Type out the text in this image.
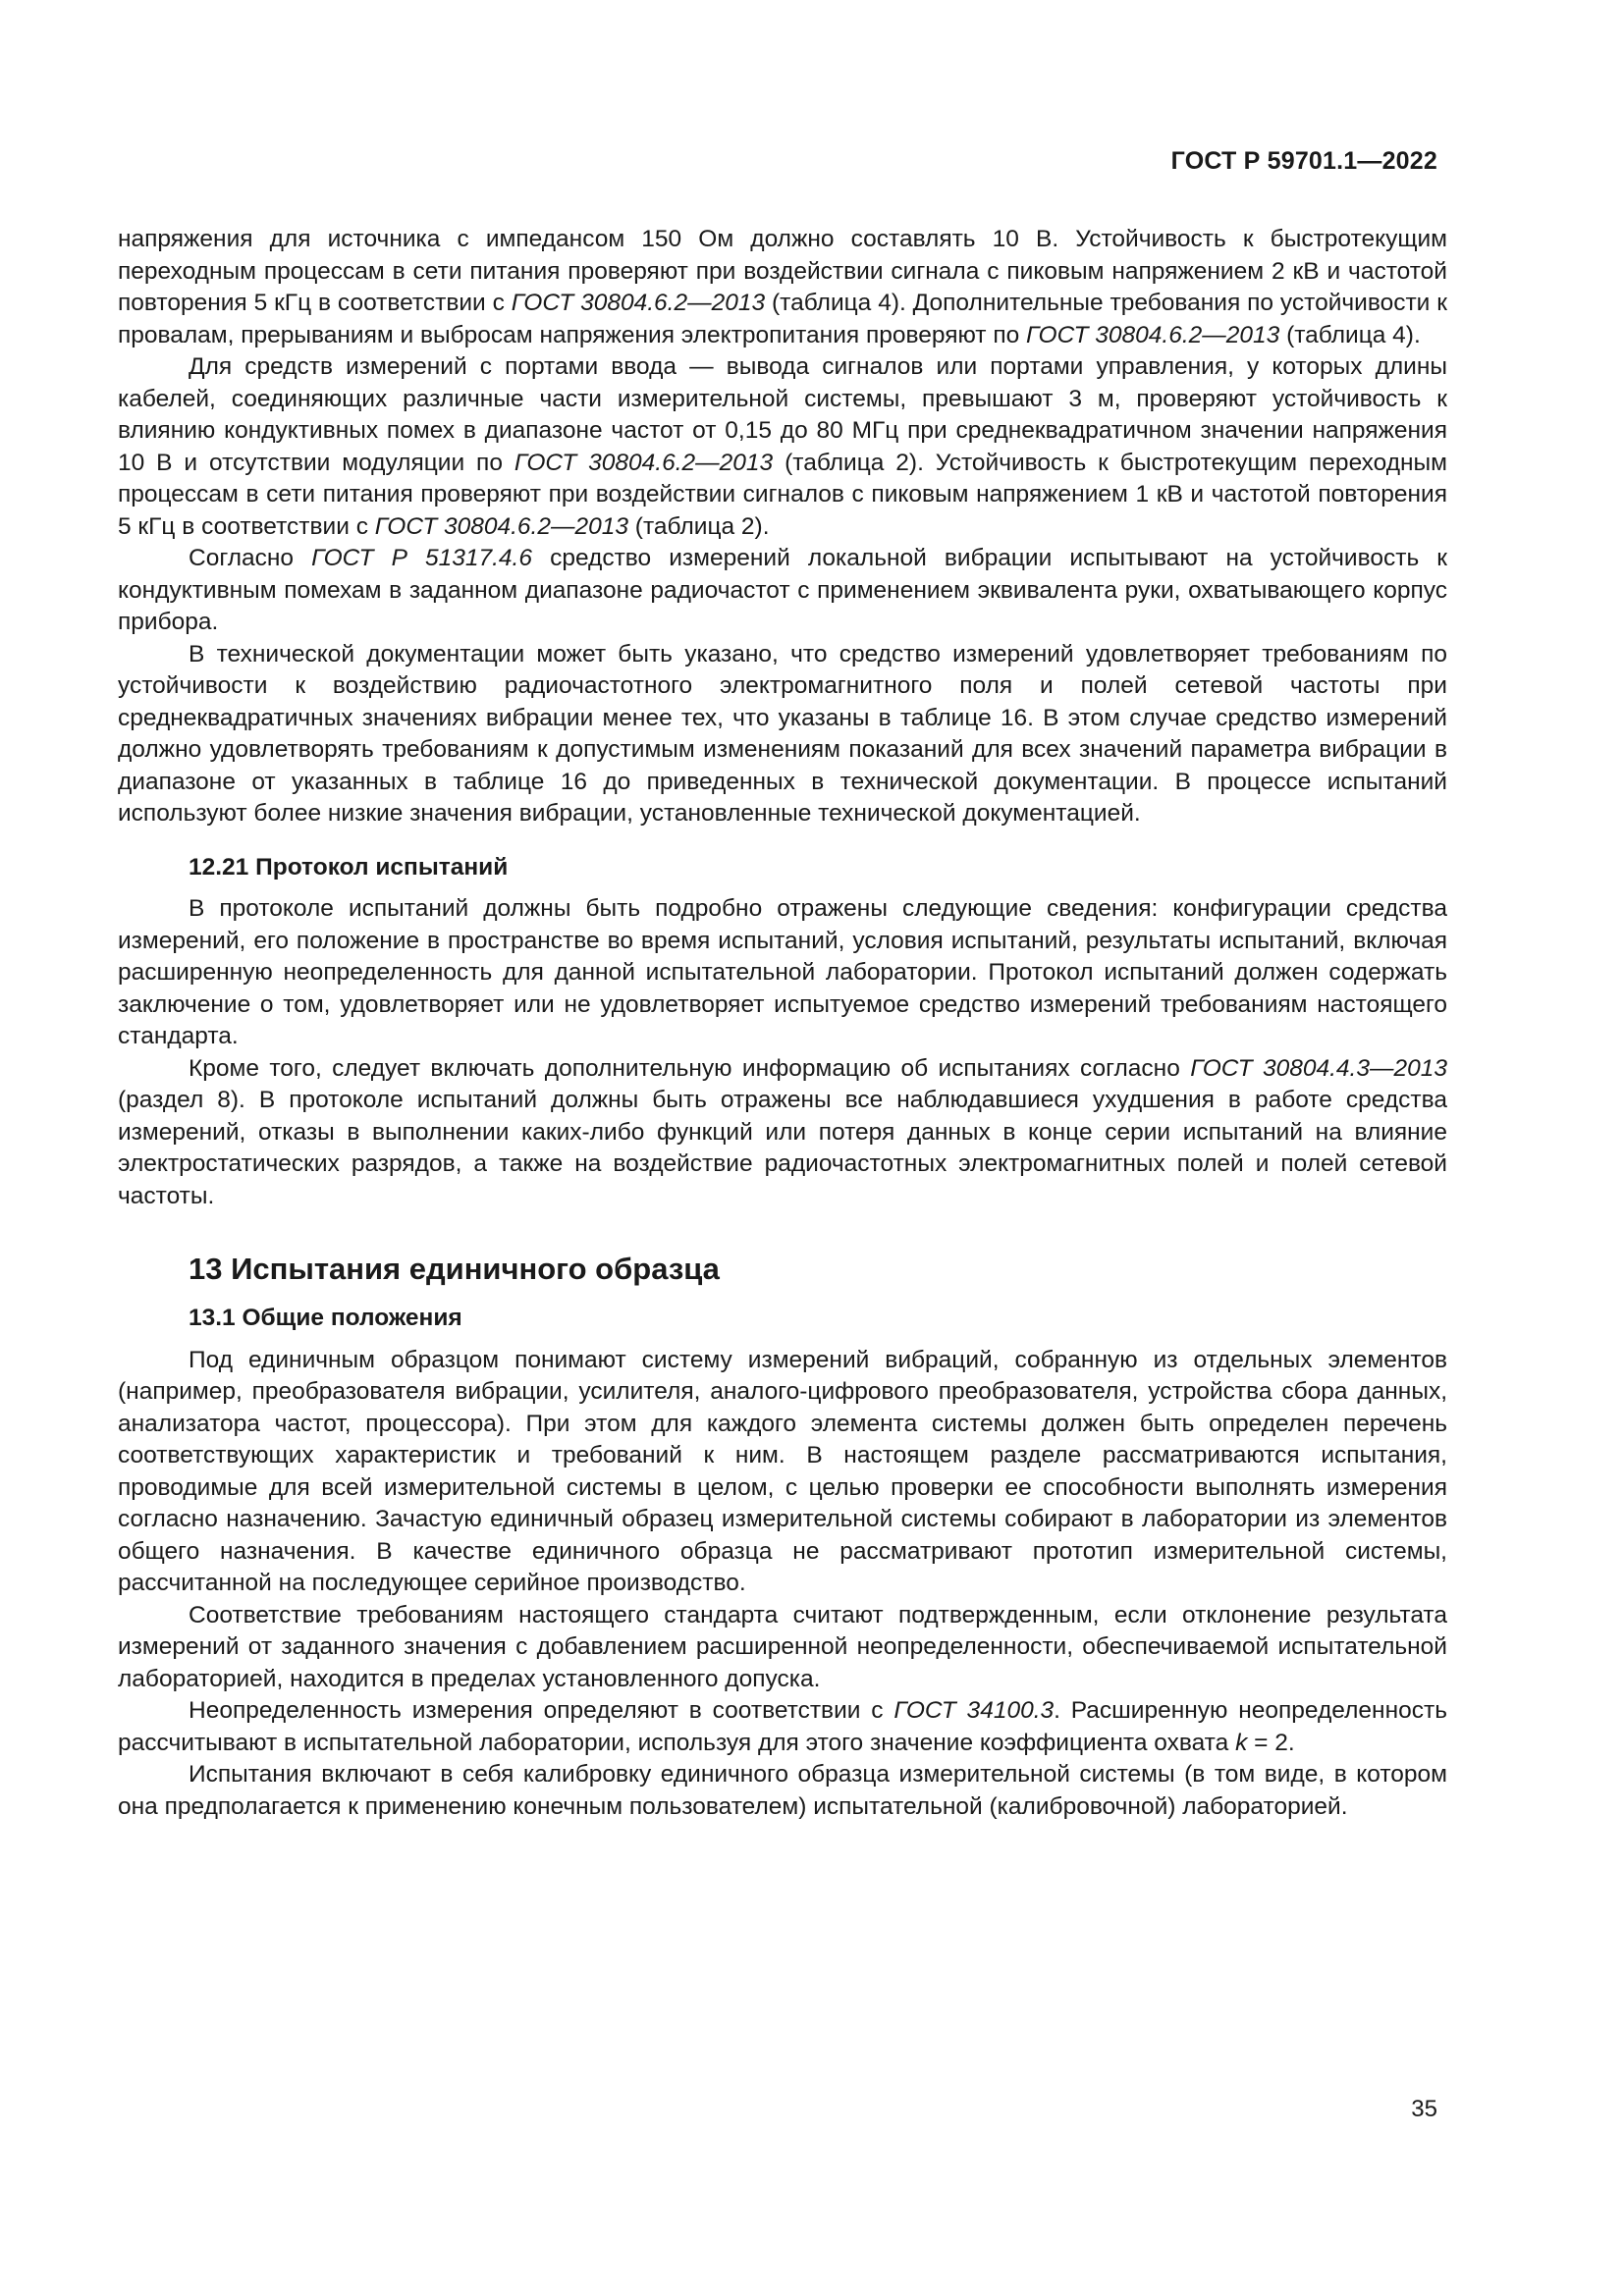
ГОСТ Р 59701.1—2022

напряжения для источника с импедансом 150 Ом должно составлять 10 В. Устойчивость к быстротекущим переходным процессам в сети питания проверяют при воздействии сигнала с пиковым напряжением 2 кВ и частотой повторения 5 кГц в соответствии с ГОСТ 30804.6.2—2013 (таблица 4). Дополнительные требования по устойчивости к провалам, прерываниям и выбросам напряжения электропитания проверяют по ГОСТ 30804.6.2—2013 (таблица 4).

Для средств измерений с портами ввода — вывода сигналов или портами управления, у которых длины кабелей, соединяющих различные части измерительной системы, превышают 3 м, проверяют устойчивость к влиянию кондуктивных помех в диапазоне частот от 0,15 до 80 МГц при среднеквадратичном значении напряжения 10 В и отсутствии модуляции по ГОСТ 30804.6.2—2013 (таблица 2). Устойчивость к быстротекущим переходным процессам в сети питания проверяют при воздействии сигналов с пиковым напряжением 1 кВ и частотой повторения 5 кГц в соответствии с ГОСТ 30804.6.2—2013 (таблица 2).

Согласно ГОСТ Р 51317.4.6 средство измерений локальной вибрации испытывают на устойчивость к кондуктивным помехам в заданном диапазоне радиочастот с применением эквивалента руки, охватывающего корпус прибора.

В технической документации может быть указано, что средство измерений удовлетворяет требованиям по устойчивости к воздействию радиочастотного электромагнитного поля и полей сетевой частоты при среднеквадратичных значениях вибрации менее тех, что указаны в таблице 16. В этом случае средство измерений должно удовлетворять требованиям к допустимым изменениям показаний для всех значений параметра вибрации в диапазоне от указанных в таблице 16 до приведенных в технической документации. В процессе испытаний используют более низкие значения вибрации, установленные технической документацией.

12.21 Протокол испытаний

В протоколе испытаний должны быть подробно отражены следующие сведения: конфигурации средства измерений, его положение в пространстве во время испытаний, условия испытаний, результаты испытаний, включая расширенную неопределенность для данной испытательной лаборатории. Протокол испытаний должен содержать заключение о том, удовлетворяет или не удовлетворяет испытуемое средство измерений требованиям настоящего стандарта.

Кроме того, следует включать дополнительную информацию об испытаниях согласно ГОСТ 30804.4.3—2013 (раздел 8). В протоколе испытаний должны быть отражены все наблюдавшиеся ухудшения в работе средства измерений, отказы в выполнении каких-либо функций или потеря данных в конце серии испытаний на влияние электростатических разрядов, а также на воздействие радиочастотных электромагнитных полей и полей сетевой частоты.

13 Испытания единичного образца
13.1 Общие положения

Под единичным образцом понимают систему измерений вибраций, собранную из отдельных элементов (например, преобразователя вибрации, усилителя, аналого-цифрового преобразователя, устройства сбора данных, анализатора частот, процессора). При этом для каждого элемента системы должен быть определен перечень соответствующих характеристик и требований к ним. В настоящем разделе рассматриваются испытания, проводимые для всей измерительной системы в целом, с целью проверки ее способности выполнять измерения согласно назначению. Зачастую единичный образец измерительной системы собирают в лаборатории из элементов общего назначения. В качестве единичного образца не рассматривают прототип измерительной системы, рассчитанной на последующее серийное производство.

Соответствие требованиям настоящего стандарта считают подтвержденным, если отклонение результата измерений от заданного значения с добавлением расширенной неопределенности, обеспечиваемой испытательной лабораторией, находится в пределах установленного допуска.

Неопределенность измерения определяют в соответствии с ГОСТ 34100.3. Расширенную неопределенность рассчитывают в испытательной лаборатории, используя для этого значение коэффициента охвата k = 2.

Испытания включают в себя калибровку единичного образца измерительной системы (в том виде, в котором она предполагается к применению конечным пользователем) испытательной (калибровочной) лабораторией.

35
